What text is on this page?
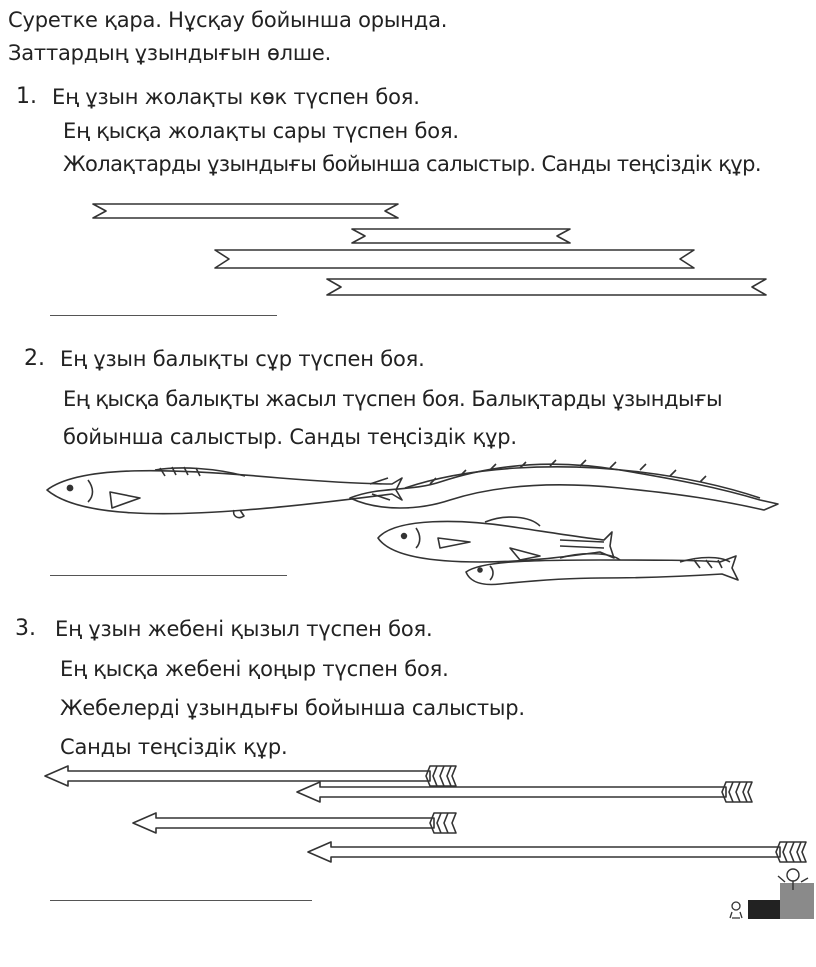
Суретке қара. Нұсқау бойынша орында.
Заттардың ұзындығын өлше.
1. Ең ұзын жолақты көк түспен боя.
Ең қысқа жолақты сары түспен боя.
Жолақтарды ұзындығы бойынша салыстыр. Санды теңсіздік құр.
2. Ең ұзын балықты сұр түспен боя.
Ең қысқа балықты жасыл түспен боя. Балықтарды ұзындығы
бойынша салыстыр. Санды теңсіздік құр.
3. Ең ұзын жебені қызыл түспен боя.
Ең қысқа жебені қоңыр түспен боя.
Жебелерді ұзындығы бойынша салыстыр.
Санды теңсіздік құр.
